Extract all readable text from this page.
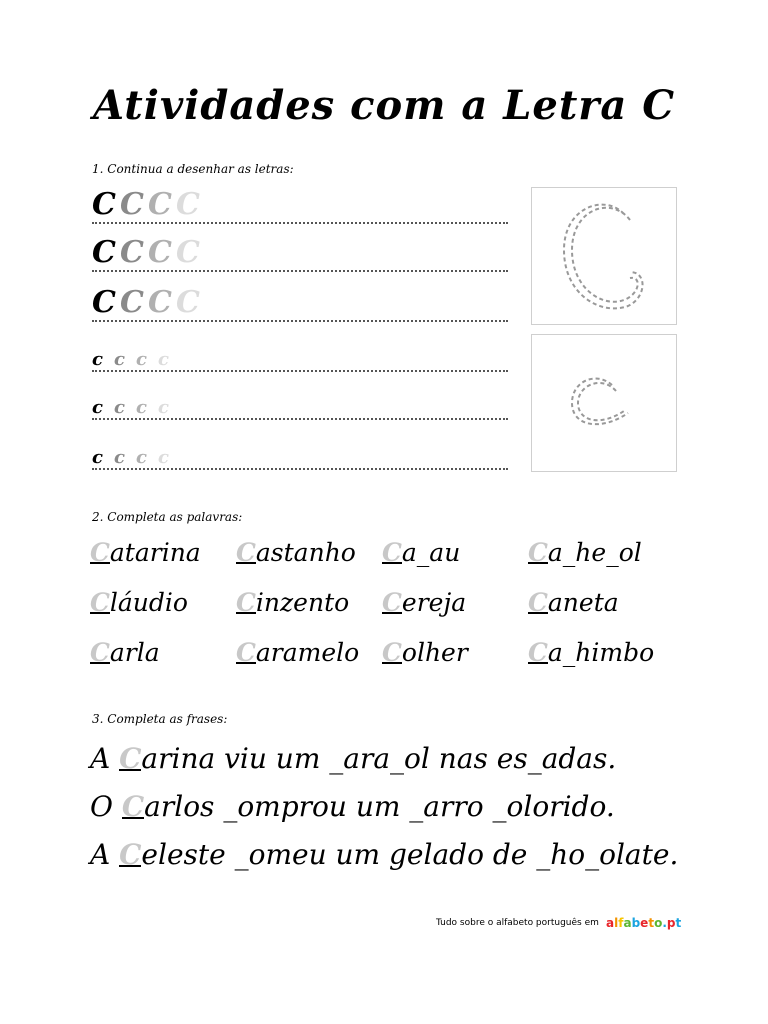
Atividades com a Letra C
1. Continua a desenhar as letras:
C C C C
C C C C
C C C C
c c c c
c c c c
c c c c
2. Completa as palavras:
Catarina Castanho Ca_au	Ca_he_ol
Cláudio Cinzento Cereja Caneta
Carla	Caramelo Colher Ca_himbo
3. Completa as frases:
A Carina viu um _ara_ol nas es_adas.
O Carlos _omprou um _arro _olorido.
A Celeste _omeu um gelado de _ho_olate.
Tudo sobre o alfabeto português em alfabeto.pt
